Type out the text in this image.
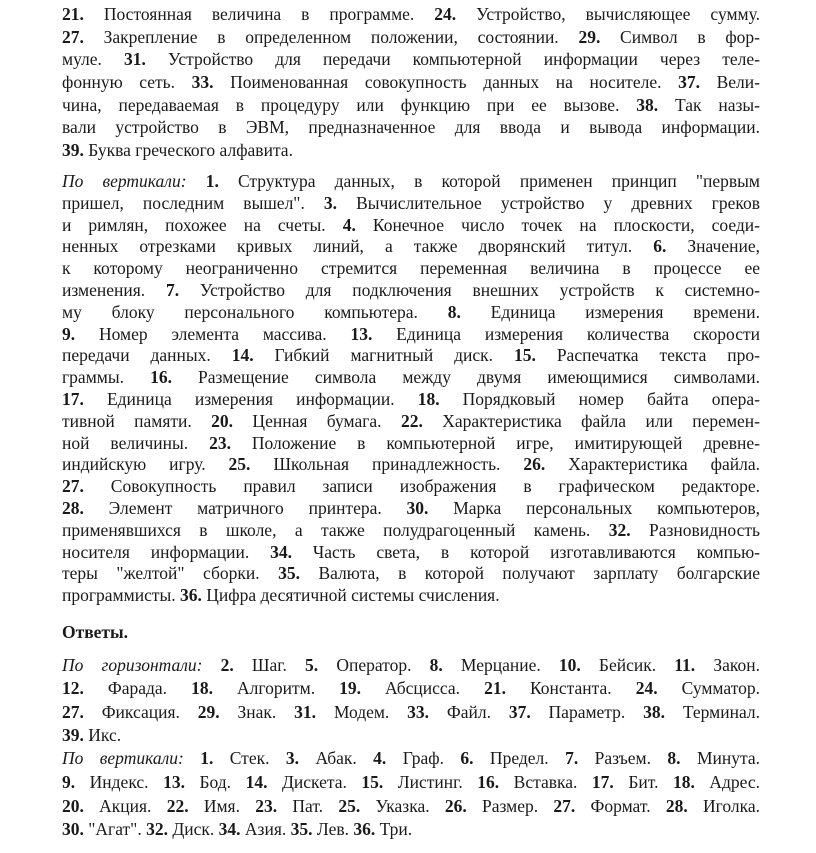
21. Постоянная величина в программе. 24. Устройство, вычисляющее сумму.
27. Закрепление в определенном положении, состоянии. 29. Символ в фор-
муле. 31. Устройство для передачи компьютерной информации через теле-
фонную сеть. 33. Поименованная совокупность данных на носителе. 37. Вели-
чина, передаваемая в процедуру или функцию при ее вызове. 38. Так назы-
вали устройство в ЭВМ, предназначенное для ввода и вывода информации.
39. Буква греческого алфавита.
По вертикали: 1. Структура данных, в которой применен принцип "первым
пришел, последним вышел". 3. Вычислительное устройство у древних греков
и римлян, похожее на счеты. 4. Конечное число точек на плоскости, соеди-
ненных отрезками кривых линий, а также дворянский титул. 6. Значение,
к которому неограниченно стремится переменная величина в процессе ее
изменения. 7. Устройство для подключения внешних устройств к системно-
му блоку персонального компьютера. 8. Единица измерения времени.
9. Номер элемента массива. 13. Единица измерения количества скорости
передачи данных. 14. Гибкий магнитный диск. 15. Распечатка текста про-
граммы. 16. Размещение символа между двумя имеющимися символами.
17. Единица измерения информации. 18. Порядковый номер байта опера-
тивной памяти. 20. Ценная бумага. 22. Характеристика файла или перемен-
ной величины. 23. Положение в компьютерной игре, имитирующей древне-
индийскую игру. 25. Школьная принадлежность. 26. Характеристика файла.
27. Совокупность правил записи изображения в графическом редакторе.
28. Элемент матричного принтера. 30. Марка персональных компьютеров,
применявшихся в школе, а также полудрагоценный камень. 32. Разновидность
носителя информации. 34. Часть света, в которой изготавливаются компью-
теры "желтой" сборки. 35. Валюта, в которой получают зарплату болгарские
программисты. 36. Цифра десятичной системы счисления.
Ответы.
По горизонтали: 2. Шаг. 5. Оператор. 8. Мерцание. 10. Бейсик. 11. Закон.
12. Фарада. 18. Алгоритм. 19. Абсцисса. 21. Константа. 24. Сумматор.
27. Фиксация. 29. Знак. 31. Модем. 33. Файл. 37. Параметр. 38. Терминал.
39. Икс.
По вертикали: 1. Стек. 3. Абак. 4. Граф. 6. Предел. 7. Разъем. 8. Минута.
9. Индекс. 13. Бод. 14. Дискета. 15. Листинг. 16. Вставка. 17. Бит. 18. Адрес.
20. Акция. 22. Имя. 23. Пат. 25. Указка. 26. Размер. 27. Формат. 28. Иголка.
30. "Агат". 32. Диск. 34. Азия. 35. Лев. 36. Три.
